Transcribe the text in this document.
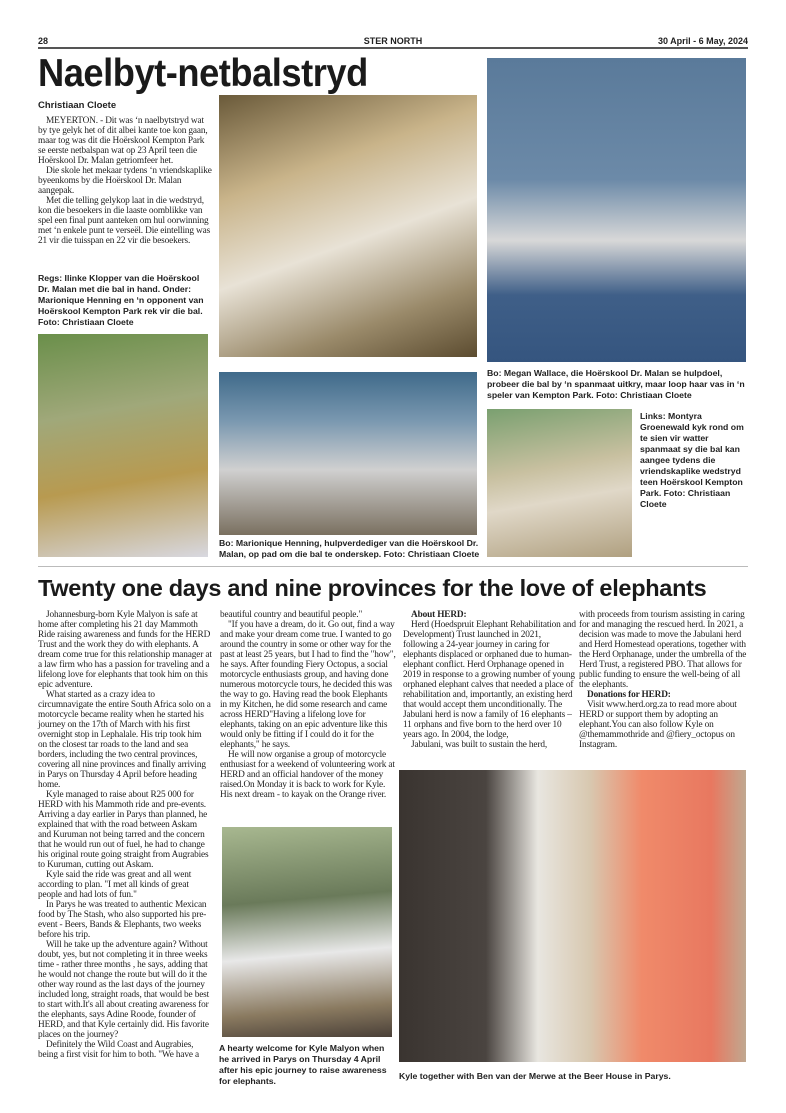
28	STER NORTH	30 April - 6 May, 2024
Naelbyt-netbalstryd
Christiaan Cloete

MEYERTON. - Dit was ‘n naelbytstryd wat by tye gelyk het of dit albei kante toe kon gaan, maar tog was dit die Hoërskool Kempton Park se eerste netbalspan wat op 23 April teen die Hoërskool Dr. Malan getriomfeer het.

Die skole het mekaar tydens ‘n vriendskaplike byeenkoms by die Hoërskool Dr. Malan aangepak.

Met die telling gelykop laat in die wedstryd, kon die besoekers in die laaste oomblikke van spel een final punt aanteken om hul oorwinning met ‘n enkele punt te verseël. Die eintelling was 21 vir die tuisspan en 22 vir die besoekers.

Regs: Ilinke Klopper van die Hoërskool Dr. Malan met die bal in hand. Onder: Marionique Henning en ‘n opponent van Hoërskool Kempton Park rek vir die bal. Foto: Christiaan Cloete
Bo: Megan Wallace, die Hoërskool Dr. Malan se hulpdoel, probeer die bal by ‘n spanmaat uitkry, maar loop haar vas in ‘n speler van Kempton Park. Foto: Christiaan Cloete
Bo: Marionique Henning, hulpverdediger van die Hoërskool Dr. Malan, op pad om die bal te onderskep. Foto: Christiaan Cloete
Links: Montyra Groenewald kyk rond om te sien vir watter spanmaat sy die bal kan aangee tydens die vriendskaplike wedstryd teen Hoërskool Kempton Park. Foto: Christiaan Cloete
Twenty one days and nine provinces for the love of elephants

Johannesburg-born Kyle Malyon is safe at home after completing his 21 day Mammoth Ride raising awareness and funds for the HERD Trust and the work they do with elephants. A dream come true for this relationship manager at a law firm who has a passion for traveling and a lifelong love for elephants that took him on this epic adventure.

What started as a crazy idea to circumnavigate the entire South Africa solo on a motorcycle became reality when he started his journey on the 17th of March with his first overnight stop in Lephalale. His trip took him on the closest tar roads to the land and sea borders, including the two central provinces, covering all nine provinces and finally arriving in Parys on Thursday 4 April before heading home.

Kyle managed to raise about R25 000 for HERD with his Mammoth ride and pre-events. Arriving a day earlier in Parys than planned, he explained that with the road between Askam and Kuruman not being tarred and the concern that he would run out of fuel, he had to change his original route going straight from Augrabies to Kuruman, cutting out Askam.

Kyle said the ride was great and all went according to plan. "I met all kinds of great people and had lots of fun."

In Parys he was treated to authentic Mexican food by The Stash, who also supported his pre-event - Beers, Bands & Elephants, two weeks before his trip.

Will he take up the adventure again? Without doubt, yes, but not completing it in three weeks time - rather three months , he says, adding that he would not change the route but will do it the other way round as the last days of the journey included long, straight roads, that would be best to start with.It's all about creating awareness for the elephants, says Adine Roode, founder of HERD, and that Kyle certainly did. His favorite places on the journey?

Definitely the Wild Coast and Augrabies, being a first visit for him to both. "We have a

beautiful country and beautiful people."

"If you have a dream, do it. Go out, find a way and make your dream come true. I wanted to go around the country in some or other way for the past at least 25 years, but I had to find the "how", he says. After founding Fiery Octopus, a social motorcycle enthusiasts group, and having done numerous motorcycle tours, he decided this was the way to go. Having read the book Elephants in my Kitchen, he did some research and came across HERD"Having a lifelong love for elephants, taking on an epic adventure like this would only be fitting if I could do it for the elephants," he says.

He will now organise a group of motorcycle enthusiast for a weekend of volunteering work at HERD and an official handover of the money raised.On Monday it is back to work for Kyle. His next dream - to kayak on the Orange river.

About HERD:

Herd (Hoedspruit Elephant Rehabilitation and Development) Trust launched in 2021, following a 24-year journey in caring for elephants displaced or orphaned due to human-elephant conflict. Herd Orphanage opened in 2019 in response to a growing number of young orphaned elephant calves that needed a place of rehabilitation and, importantly, an existing herd that would accept them unconditionally. The Jabulani herd is now a family of 16 elephants – 11 orphans and five born to the herd over 10 years ago. In 2004, the lodge,

Jabulani, was built to sustain the herd,

with proceeds from tourism assisting in caring for and managing the rescued herd. In 2021, a decision was made to move the Jabulani herd and Herd Homestead operations, together with the Herd Orphanage, under the umbrella of the Herd Trust, a registered PBO. That allows for public funding to ensure the well-being of all the elephants.

Donations for HERD:

Visit www.herd.org.za to read more about HERD or support them by adopting an elephant.You can also follow Kyle on @themammothride and @fiery_octopus on Instagram.

A hearty welcome for Kyle Malyon when he arrived in Parys on Thursday 4 April after his epic journey to raise awareness for elephants.	Kyle together with Ben van der Merwe at the Beer House in Parys.
